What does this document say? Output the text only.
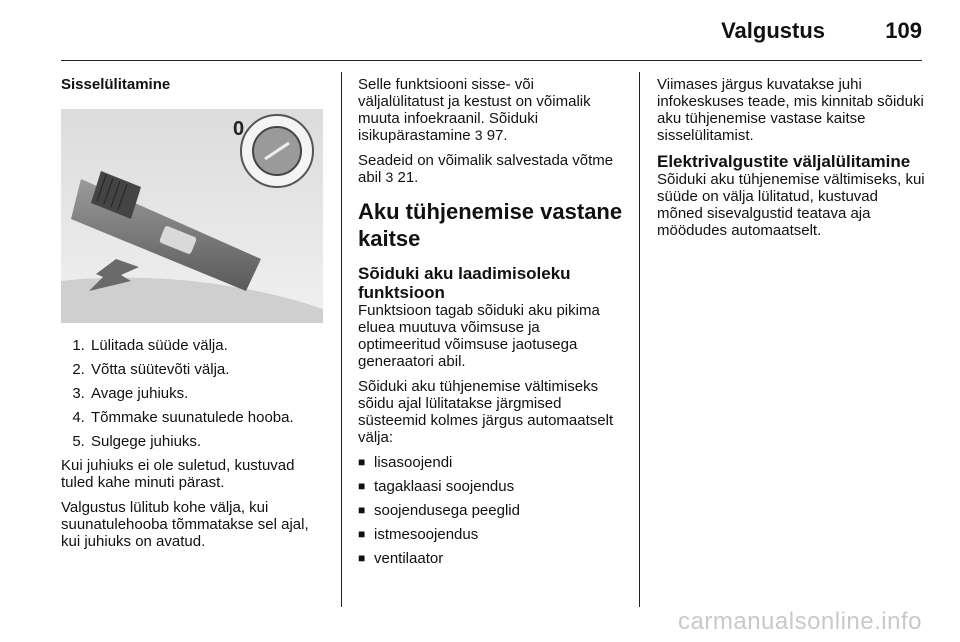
Valgustus	109

Sisselülitamine

0
1. Lülitada süüde välja.
2. Võtta süütevõti välja.
3. Avage juhiuks.
4. Tõmmake suunatulede hooba.
5. Sulgege juhiuks.

Kui juhiuks ei ole suletud, kustuvad tuled kahe minuti pärast.

Valgustus lülitub kohe välja, kui suunatulehooba tõmmatakse sel ajal, kui juhiuks on avatud.

Selle funktsiooni sisse- või väljalülitatust ja kestust on võimalik muuta infoekraanil. Sõiduki isikupärastamine 3 97.

Seadeid on võimalik salvestada võtme abil 3 21.

Aku tühjenemise vastane kaitse
Sõiduki aku laadimisoleku funktsioon

Funktsioon tagab sõiduki aku pikima eluea muutuva võimsuse ja optimeeritud võimsuse jaotusega generaatori abil.

Sõiduki aku tühjenemise vältimiseks sõidu ajal lülitatakse järgmised süsteemid kolmes järgus automaatselt välja:

■ lisasoojendi
■ tagaklaasi soojendus
■ soojendusega peeglid
■ istmesoojendus
■ ventilaator

Viimases järgus kuvatakse juhi infokeskuses teade, mis kinnitab sõiduki aku tühjenemise vastase kaitse sisselülitamist.

Elektrivalgustite väljalülitamine

Sõiduki aku tühjenemise vältimiseks, kui süüde on välja lülitatud, kustuvad mõned sisevalgustid teatava aja möödudes automaatselt.

carmanualsonline.info
